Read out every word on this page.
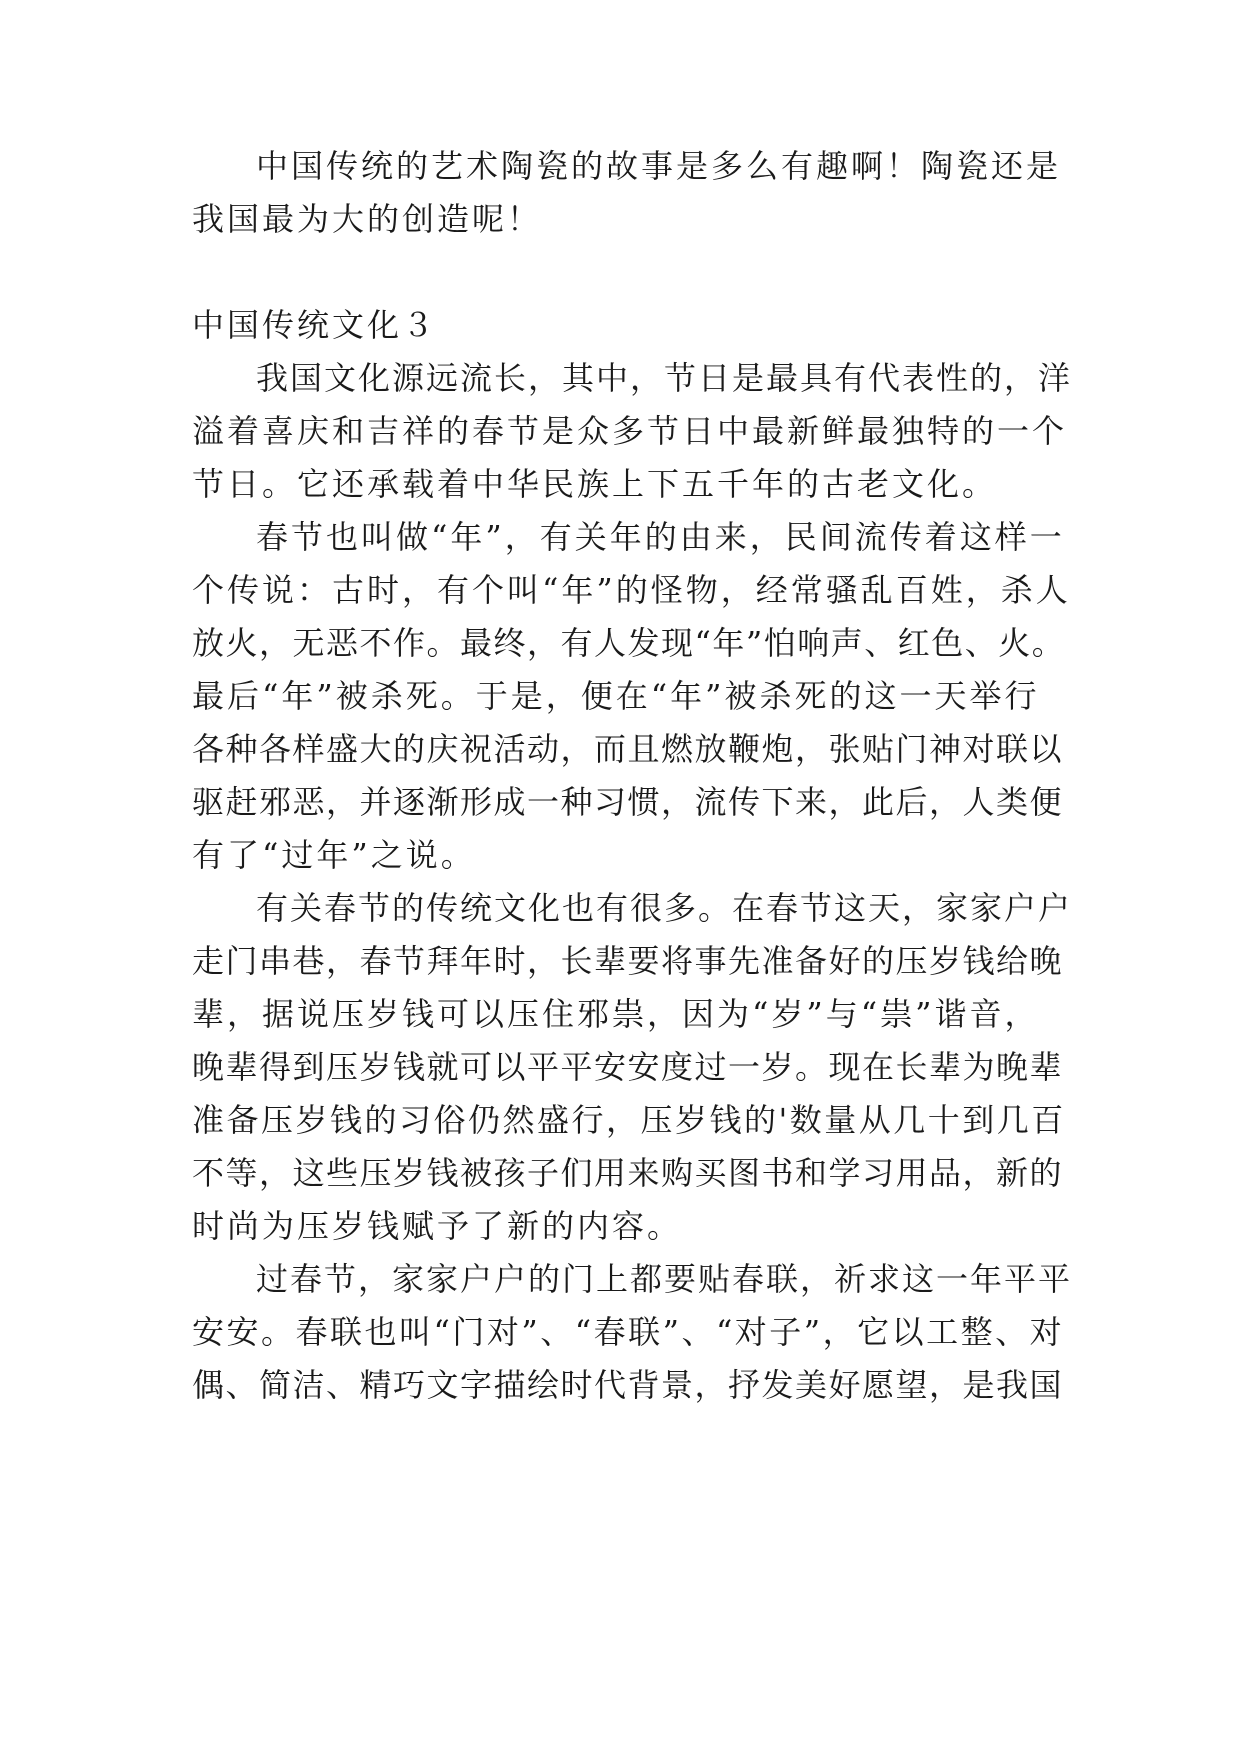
中国传统的艺术陶瓷的故事是多么有趣啊！陶瓷还是
我国最为大的创造呢！
中国传统文化３
我国文化源远流长，其中，节日是最具有代表性的，洋
溢着喜庆和吉祥的春节是众多节日中最新鲜最独特的一个
节日。它还承载着中华民族上下五千年的古老文化。
春节也叫做“年”，有关年的由来，民间流传着这样一
个传说：古时，有个叫“年”的怪物，经常骚乱百姓，杀人
放火，无恶不作。最终，有人发现“年”怕响声、红色、火。
最后“年”被杀死。于是，便在“年”被杀死的这一天举行
各种各样盛大的庆祝活动，而且燃放鞭炮，张贴门神对联以
驱赶邪恶，并逐渐形成一种习惯，流传下来，此后，人类便
有了“过年”之说。
有关春节的传统文化也有很多。在春节这天，家家户户
走门串巷，春节拜年时，长辈要将事先准备好的压岁钱给晚
辈，据说压岁钱可以压住邪祟，因为“岁”与“祟”谐音，
晚辈得到压岁钱就可以平平安安度过一岁。现在长辈为晚辈
准备压岁钱的习俗仍然盛行，压岁钱的'数量从几十到几百
不等，这些压岁钱被孩子们用来购买图书和学习用品，新的
时尚为压岁钱赋予了新的内容。
过春节，家家户户的门上都要贴春联，祈求这一年平平
安安。春联也叫“门对”、“春联”、“对子”，它以工整、对
偶、简洁、精巧文字描绘时代背景，抒发美好愿望，是我国
